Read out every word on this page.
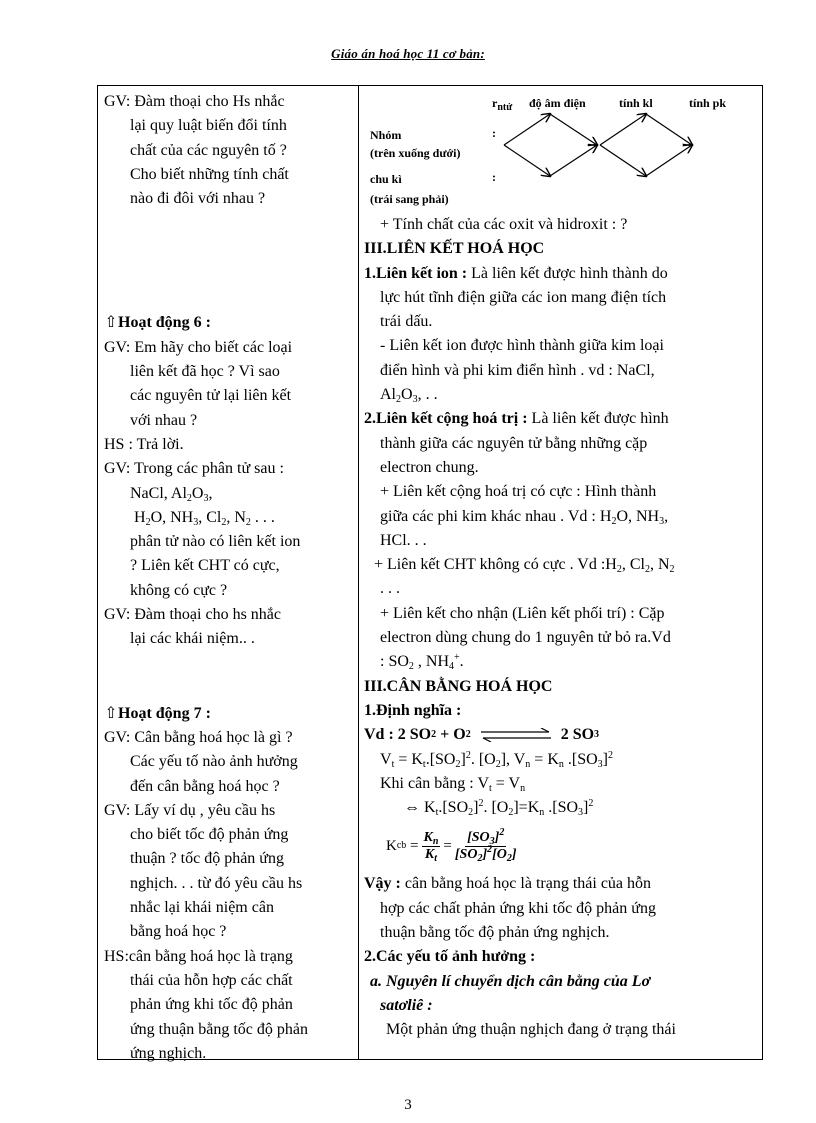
Giáo án hoá học 11 cơ bản:
GV: Đàm thoại cho Hs nhắc
lại quy luật biến đổi tính
chất của các nguyên tố ?
Cho biết những tính chất
nào đi đôi với nhau ?
⇧Hoạt động 6 :
GV: Em hãy cho biết các loại
liên kết đã học ? Vì sao
các nguyên tử lại liên kết
với nhau ?
HS : Trả lời.
GV: Trong các phân tử sau :
NaCl, $Al_2O_3$,
$H_2O$, $NH_3$, $Cl_2$, $N_2$ . . .
phân tử nào có liên kết ion
? Liên kết CHT có cực,
không có cực ?
GV: Đàm thoại cho hs nhắc
lại các khái niệm.. .
⇧Hoạt động 7 :
GV: Cân bằng hoá học là gì ?
Các yếu tố nào ảnh hưởng
đến cân bằng hoá học ?
GV: Lấy ví dụ , yêu cầu hs
cho biết tốc độ phản ứng
thuận ? tốc độ phản ứng
nghịch. . . từ đó yêu cầu hs
nhắc lại khái niệm cân
bằng hoá học ?
HS:cân bằng hoá học là trạng
thái của hỗn hợp các chất
phản ứng khi tốc độ phản
ứng thuận bằng tốc độ phản
ứng nghịch.
$r_{ntử}$ độ âm điện	tính kl	tính pk
Nhóm	:
(trên xuống dưới)
chu kì	:
(trái sang phải)
+ Tính chất của các oxit và hidroxit : ?
III.LIÊN KẾT HOÁ HỌC
1.Liên kết ion : Là liên kết được hình thành do
lực hút tĩnh điện giữa các ion mang điện tích
trái dấu.
- Liên kết ion được hình thành giữa kim loại
điển hình và phi kim điển hình . vd : NaCl,
$Al_2O_3$, . .
2.Liên kết cộng hoá trị : Là liên kết được hình
thành giữa các nguyên tử bằng những cặp
electron chung.
+ Liên kết cộng hoá trị có cực : Hình thành
giữa các phi kim khác nhau . Vd : $H_2O$, $NH_3$,
HCl. . .
+ Liên kết CHT không có cực . Vd $:H_2$, $Cl_2$, $N_2$
. . .
+ Liên kết cho nhận (Liên kết phối trí) : Cặp
electron dùng chung do 1 nguyên tử bỏ ra.Vd
: $SO_2$ , $NH_4^+$.
III.CÂN BẰNG HOÁ HỌC
1.Định nghĩa :
Vd : 2 SO 2
+
O 2	2 SO 3
$V_t = K_t.[SO_2]^2$. $[O_2]$, $V_n = K_n$ $.[SO_3]^2$
Khi cân bằng : $V_t = V_n$
⇔ $K_t.[SO_2]^2$. $[O_2]=K_n$ $.[SO_3]^2$
K cb
= $\frac{K_n}{K_t} = \frac{[SO_3]^2}{[SO_2]^2[O_2]}$
Vậy : cân bằng hoá học là trạng thái của hỗn
hợp các chất phản ứng khi tốc độ phản ứng
thuận bằng tốc độ phản ứng nghịch.
2.Các yếu tố ảnh hưởng :
a. Nguyên lí chuyển dịch cân bằng của Lơ
satơliê :
Một phản ứng thuận nghịch đang ở trạng thái
3
